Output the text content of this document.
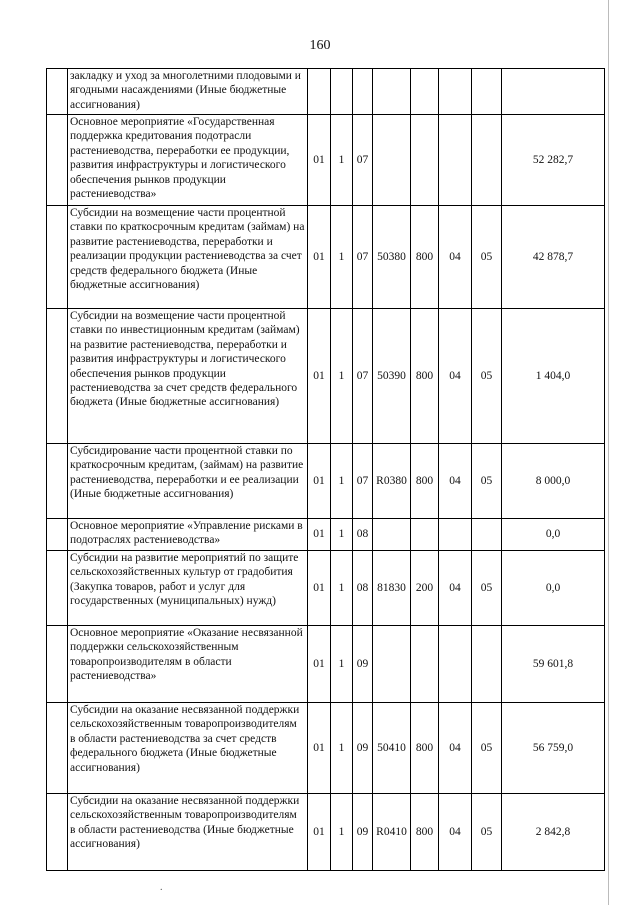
160
	закладку и уход за многолетними плодовыми и ягодными насаждениями (Иные бюджетные ассигнования)								
	Основное мероприятие «Государственная поддержка кредитования подотрасли растениеводства, переработки ее продукции, развития инфраструктуры и логистического обеспечения рынков продукции растениеводства»	01	1	07					52 282,7
	Субсидии на возмещение части процентной ставки по краткосрочным кредитам (займам) на развитие растениеводства, переработки и реализации продукции растениеводства за счет средств федерального бюджета (Иные бюджетные ассигнования)	01	1	07	50380	800	04	05	42 878,7
	Субсидии на возмещение части процентной ставки по инвестиционным кредитам (займам) на развитие растениеводства, переработки и развития инфраструктуры и логистического обеспечения рынков продукции растениеводства за счет средств федерального бюджета (Иные бюджетные ассигнования)	01	1	07	50390	800	04	05	1 404,0
	Субсидирование части процентной ставки по краткосрочным кредитам, (займам) на развитие растениеводства, переработки и ее реализации (Иные бюджетные ассигнования)	01	1	07	R0380	800	04	05	8 000,0
	Основное мероприятие «Управление рисками в подотраслях растениеводства»	01	1	08					0,0
	Субсидии на развитие мероприятий по защите сельскохозяйственных культур от градобития (Закупка товаров, работ и услуг для государственных (муниципальных) нужд)	01	1	08	81830	200	04	05	0,0
	Основное мероприятие «Оказание несвязанной поддержки сельскохозяйственным товаропроизводителям в области растениеводства»	01	1	09					59 601,8
	Субсидии на оказание несвязанной поддержки сельскохозяйственным товаропроизводителям в области растениеводства за счет средств федерального бюджета (Иные бюджетные ассигнования)	01	1	09	50410	800	04	05	56 759,0
	Субсидии на оказание несвязанной поддержки сельскохозяйственным товаропроизводителям в области растениеводства (Иные бюджетные ассигнования)	01	1	09	R0410	800	04	05	2 842,8
.
